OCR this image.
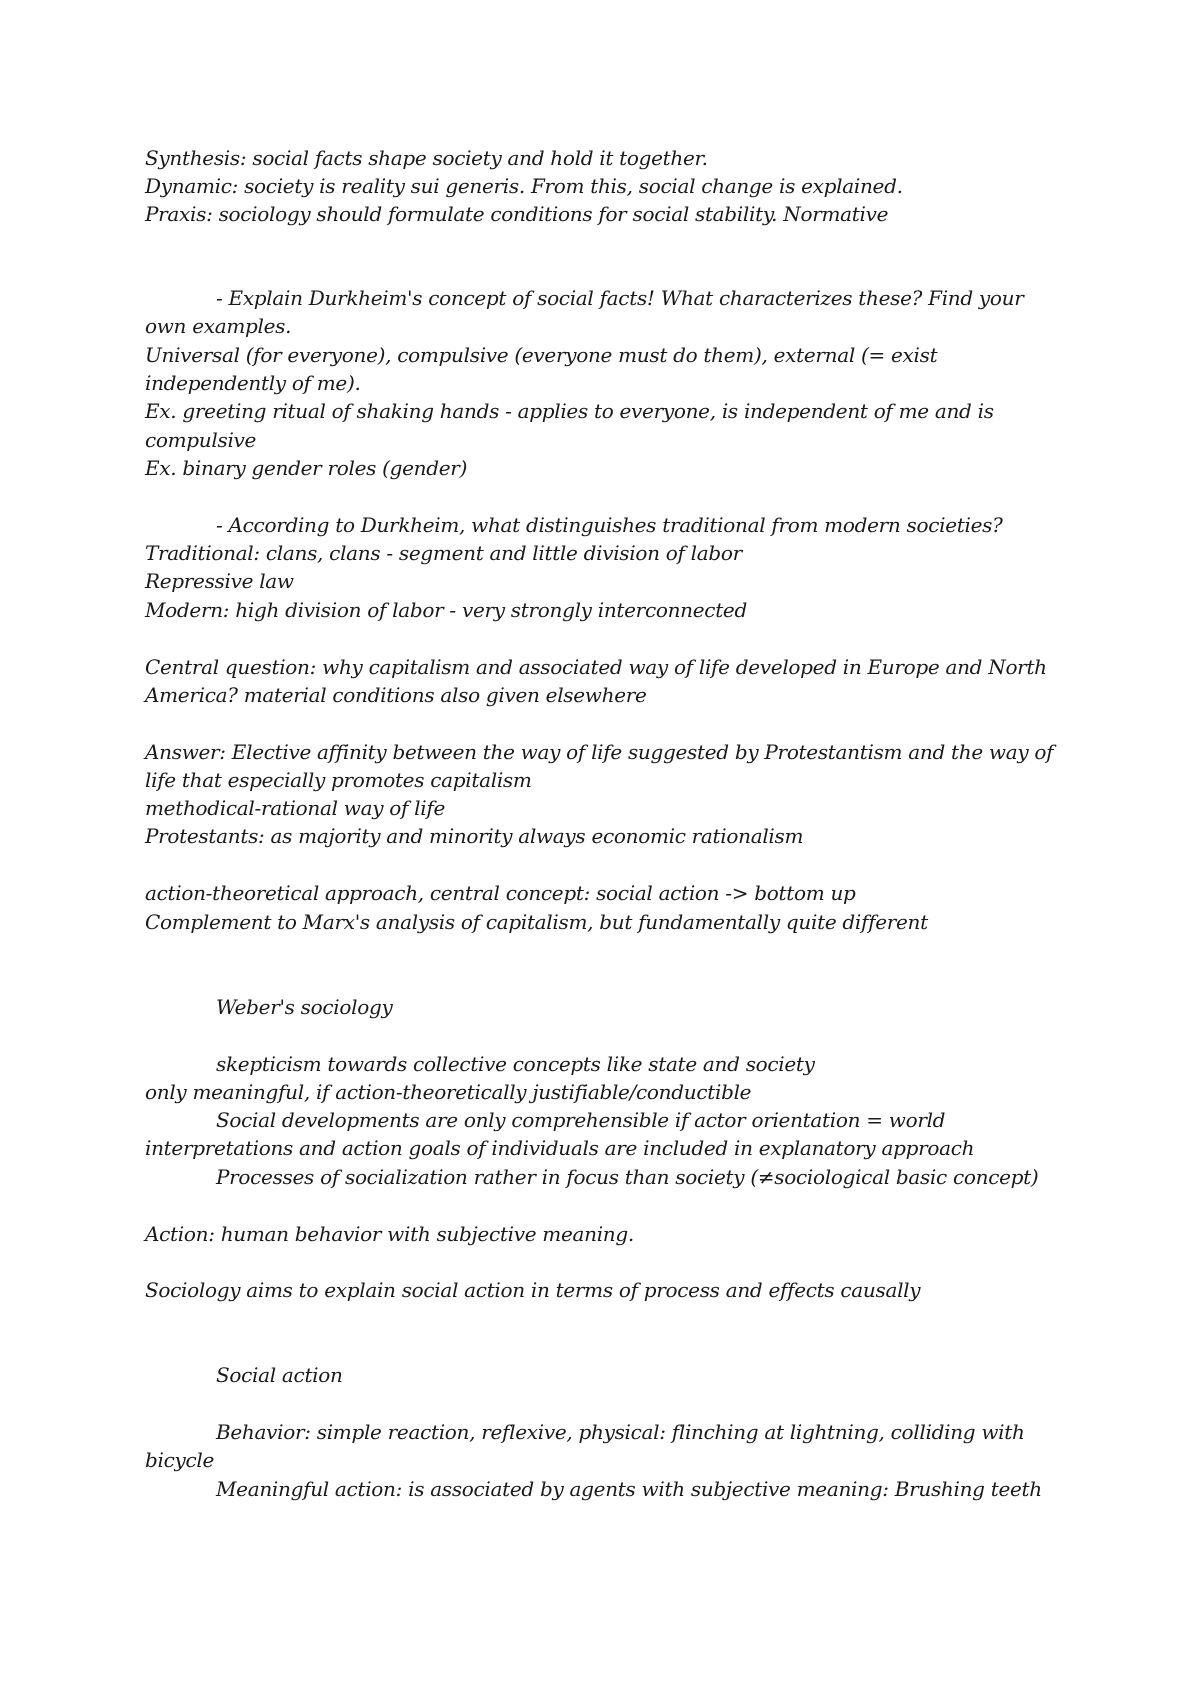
Synthesis: social facts shape society and hold it together.
Dynamic: society is reality sui generis. From this, social change is explained.
Praxis: sociology should formulate conditions for social stability. Normative
- Explain Durkheim's concept of social facts! What characterizes these? Find your
own examples.
Universal (for everyone), compulsive (everyone must do them), external (= exist
independently of me).
Ex. greeting ritual of shaking hands - applies to everyone, is independent of me and is
compulsive
Ex. binary gender roles (gender)
- According to Durkheim, what distinguishes traditional from modern societies?
Traditional: clans, clans - segment and little division of labor
Repressive law
Modern: high division of labor - very strongly interconnected
Central question: why capitalism and associated way of life developed in Europe and North
America? material conditions also given elsewhere
Answer: Elective affinity between the way of life suggested by Protestantism and the way of
life that especially promotes capitalism
methodical-rational way of life
Protestants: as majority and minority always economic rationalism
action-theoretical approach, central concept: social action -> bottom up
Complement to Marx's analysis of capitalism, but fundamentally quite different
Weber's sociology
skepticism towards collective concepts like state and society
only meaningful, if action-theoretically justifiable/conductible
Social developments are only comprehensible if actor orientation = world
interpretations and action goals of individuals are included in explanatory approach
Processes of socialization rather in focus than society (≠sociological basic concept)
Action: human behavior with subjective meaning.
Sociology aims to explain social action in terms of process and effects causally
Social action
Behavior: simple reaction, reflexive, physical: flinching at lightning, colliding with
bicycle
Meaningful action: is associated by agents with subjective meaning: Brushing teeth
